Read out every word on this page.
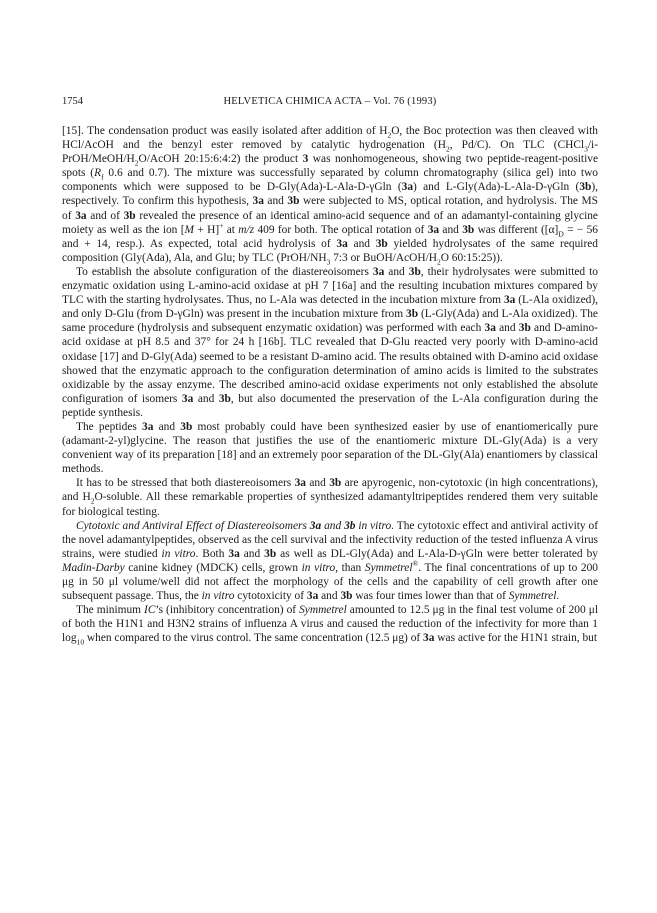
1754	HELVETICA CHIMICA ACTA – Vol. 76 (1993)

[15]. The condensation product was easily isolated after addition of $H_2O$, the Boc protection was then cleaved with HCl/AcOH and the benzyl ester removed by catalytic hydrogenation ($H_2$, Pd/C). On TLC ($CHCl_3/i-PrOH/MeOH/H_2O$/AcOH 20:15:6:4:2) the product 3 was nonhomogeneous, showing two peptide-reagent-positive spots ($R_f$ 0.6 and 0.7). The mixture was successfully separated by column chromatography (silica gel) into two components which were supposed to be D-Gly(Ada)-L-Ala-D-γGln (3a) and L-Gly(Ada)-L-Ala-D-γGln (3b), respectively. To confirm this hypothesis, 3a and 3b were subjected to MS, optical rotation, and hydrolysis. The MS of 3a and of 3b revealed the presence of an identical amino-acid sequence and of an adamantyl-containing glycine moiety as well as the ion [M + H]+ at m/z 409 for both. The optical rotation of 3a and 3b was different ($[\alpha]_D$ = − 56 and + 14, resp.). As expected, total acid hydrolysis of 3a and 3b yielded hydrolysates of the same required composition (Gly(Ada), Ala, and Glu; by TLC ($PrOH/NH_3$ 7:3 or BuOH/$AcOH/H_2O$ 60:15:25)).

To establish the absolute configuration of the diastereoisomers 3a and 3b, their hydrolysates were submitted to enzymatic oxidation using L-amino-acid oxidase at pH 7 [16a] and the resulting incubation mixtures compared by TLC with the starting hydrolysates. Thus, no L-Ala was detected in the incubation mixture from 3a (L-Ala oxidized), and only D-Glu (from D-γGln) was present in the incubation mixture from 3b (L-Gly(Ada) and L-Ala oxidized). The same procedure (hydrolysis and subsequent enzymatic oxidation) was performed with each 3a and 3b and D-amino-acid oxidase at pH 8.5 and 37° for 24 h [16b]. TLC revealed that D-Glu reacted very poorly with D-amino-acid oxidase [17] and D-Gly(Ada) seemed to be a resistant D-amino acid. The results obtained with D-amino acid oxidase showed that the enzymatic approach to the configuration determination of amino acids is limited to the substrates oxidizable by the assay enzyme. The described amino-acid oxidase experiments not only established the absolute configuration of isomers 3a and 3b, but also documented the preservation of the L-Ala configuration during the peptide synthesis.

The peptides 3a and 3b most probably could have been synthesized easier by use of enantiomerically pure (adamant-2-yl)glycine. The reason that justifies the use of the enantiomeric mixture DL-Gly(Ada) is a very convenient way of its preparation [18] and an extremely poor separation of the DL-Gly(Ala) enantiomers by classical methods.

It has to be stressed that both diastereoisomers 3a and 3b are apyrogenic, non-cytotoxic (in high concentrations), and $H_2O$-soluble. All these remarkable properties of synthesized adamantyltripeptides rendered them very suitable for biological testing.

Cytotoxic and Antiviral Effect of Diastereoisomers 3a and 3b in vitro. The cytotoxic effect and antiviral activity of the novel adamantylpeptides, observed as the cell survival and the infectivity reduction of the tested influenza A virus strains, were studied in vitro. Both 3a and 3b as well as DL-Gly(Ada) and L-Ala-D-γGln were better tolerated by Madin-Darby canine kidney (MDCK) cells, grown in vitro, than Symmetrel®. The final concentrations of up to 200 μg in 50 μl volume/well did not affect the morphology of the cells and the capability of cell growth after one subsequent passage. Thus, the in vitro cytotoxicity of 3a and 3b was four times lower than that of Symmetrel.

The minimum IC’s (inhibitory concentration) of Symmetrel amounted to 12.5 μg in the final test volume of 200 μl of both the H1N1 and H3N2 strains of influenza A virus and caused the reduction of the infectivity for more than 1 $\log_{10}$ when compared to the virus control. The same concentration (12.5 μg) of 3a was active for the H1N1 strain, but
